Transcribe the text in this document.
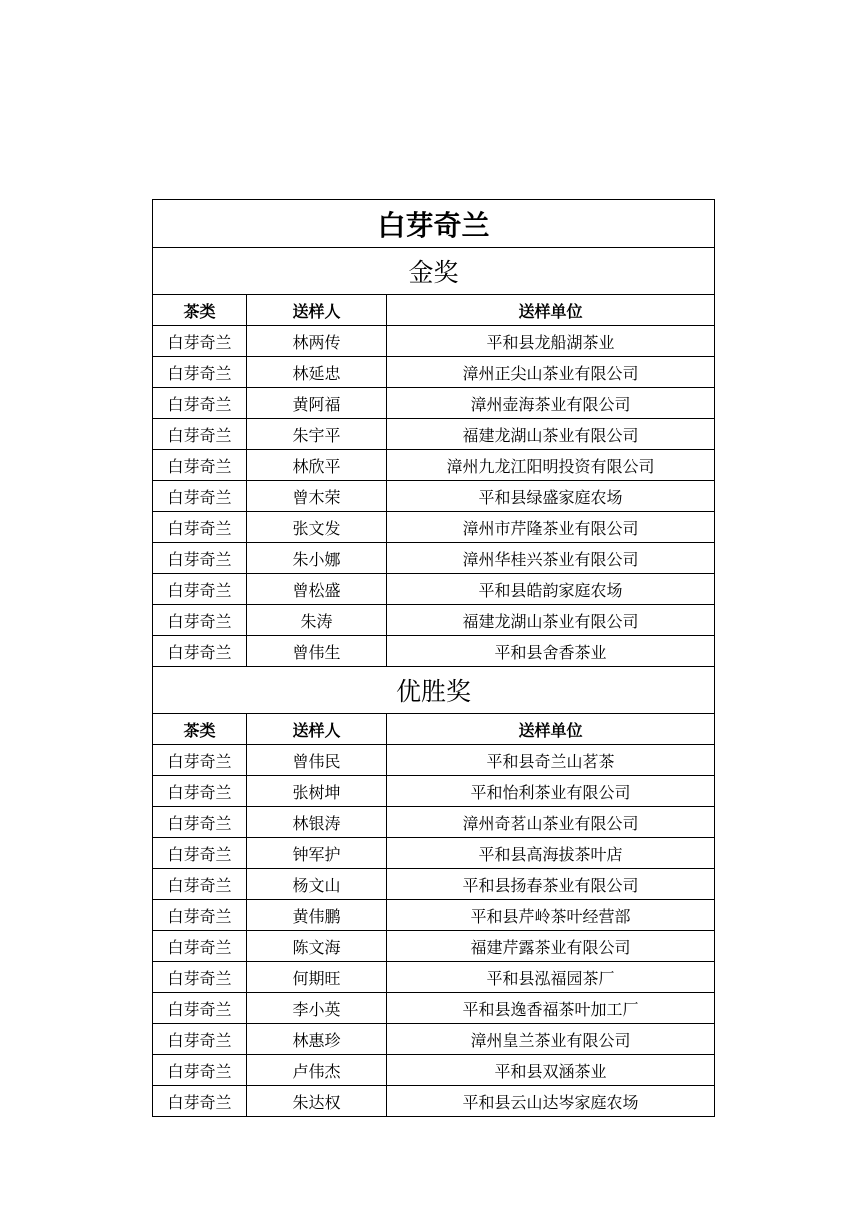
白芽奇兰		
金奖		
茶类	送样人	送样单位
白芽奇兰	林两传	平和县龙船湖茶业
白芽奇兰	林延忠	漳州正尖山茶业有限公司
白芽奇兰	黄阿福	漳州壶海茶业有限公司
白芽奇兰	朱宇平	福建龙湖山茶业有限公司
白芽奇兰	林欣平	漳州九龙江阳明投资有限公司
白芽奇兰	曾木荣	平和县绿盛家庭农场
白芽奇兰	张文发	漳州市芹隆茶业有限公司
白芽奇兰	朱小娜	漳州华桂兴茶业有限公司
白芽奇兰	曾松盛	平和县皓韵家庭农场
白芽奇兰	朱涛	福建龙湖山茶业有限公司
白芽奇兰	曾伟生	平和县舍香茶业
优胜奖		
茶类	送样人	送样单位
白芽奇兰	曾伟民	平和县奇兰山茗茶
白芽奇兰	张树坤	平和怡利茶业有限公司
白芽奇兰	林银涛	漳州奇茗山茶业有限公司
白芽奇兰	钟军护	平和县高海拔茶叶店
白芽奇兰	杨文山	平和县扬春茶业有限公司
白芽奇兰	黄伟鹏	平和县芹岭茶叶经营部
白芽奇兰	陈文海	福建芹露茶业有限公司
白芽奇兰	何期旺	平和县泓福园茶厂
白芽奇兰	李小英	平和县逸香福茶叶加工厂
白芽奇兰	林惠珍	漳州皇兰茶业有限公司
白芽奇兰	卢伟杰	平和县双涵茶业
白芽奇兰	朱达权	平和县云山达岑家庭农场
